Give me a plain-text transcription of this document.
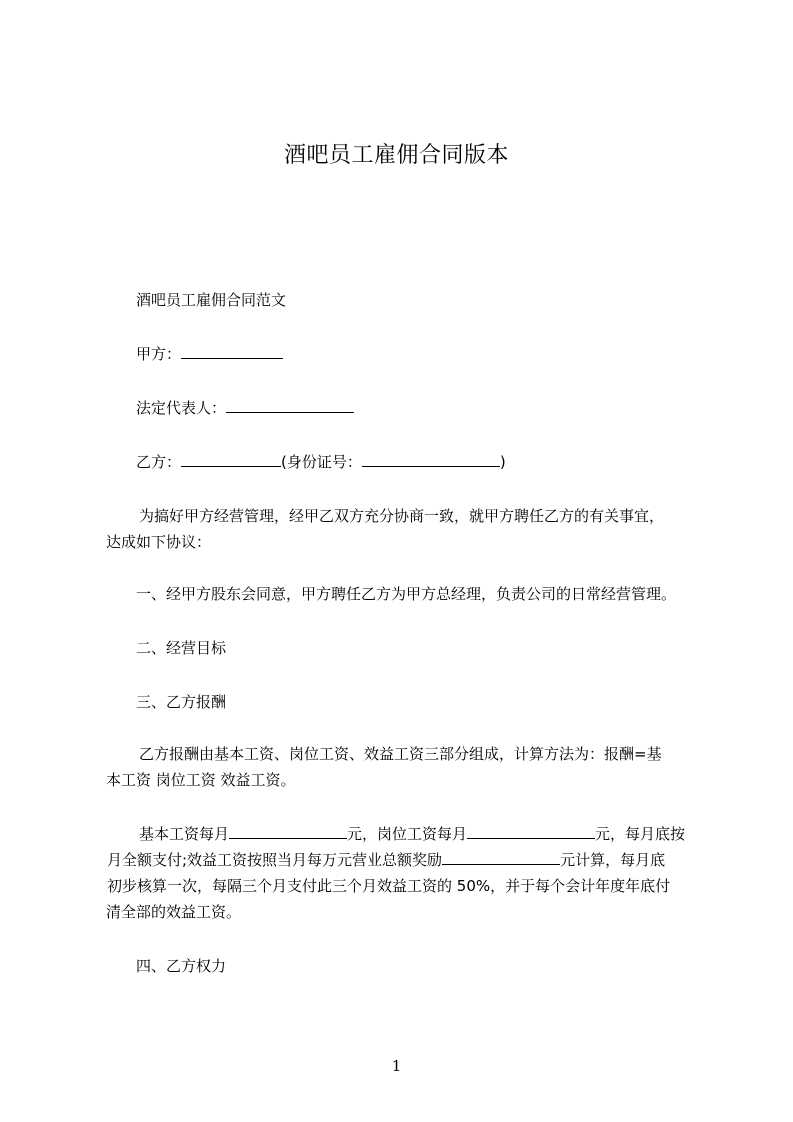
酒吧员工雇佣合同版本
酒吧员工雇佣合同范文
甲方：
法定代表人：
乙方：	(身份证号：	)
为搞好甲方经营管理，经甲乙双方充分协商一致，就甲方聘任乙方的有关事宜，
达成如下协议：
一、经甲方股东会同意，甲方聘任乙方为甲方总经理，负责公司的日常经营管理。
二、经营目标
三、乙方报酬
乙方报酬由基本工资、岗位工资、效益工资三部分组成，计算方法为：报酬=基
本工资 岗位工资 效益工资。
基本工资每月	元，岗位工资每月	元，每月底按
月全额支付;效益工资按照当月每万元营业总额奖励	元计算，每月底
初步核算一次，每隔三个月支付此三个月效益工资的 50%，并于每个会计年度年底付
清全部的效益工资。
四、乙方权力
1
